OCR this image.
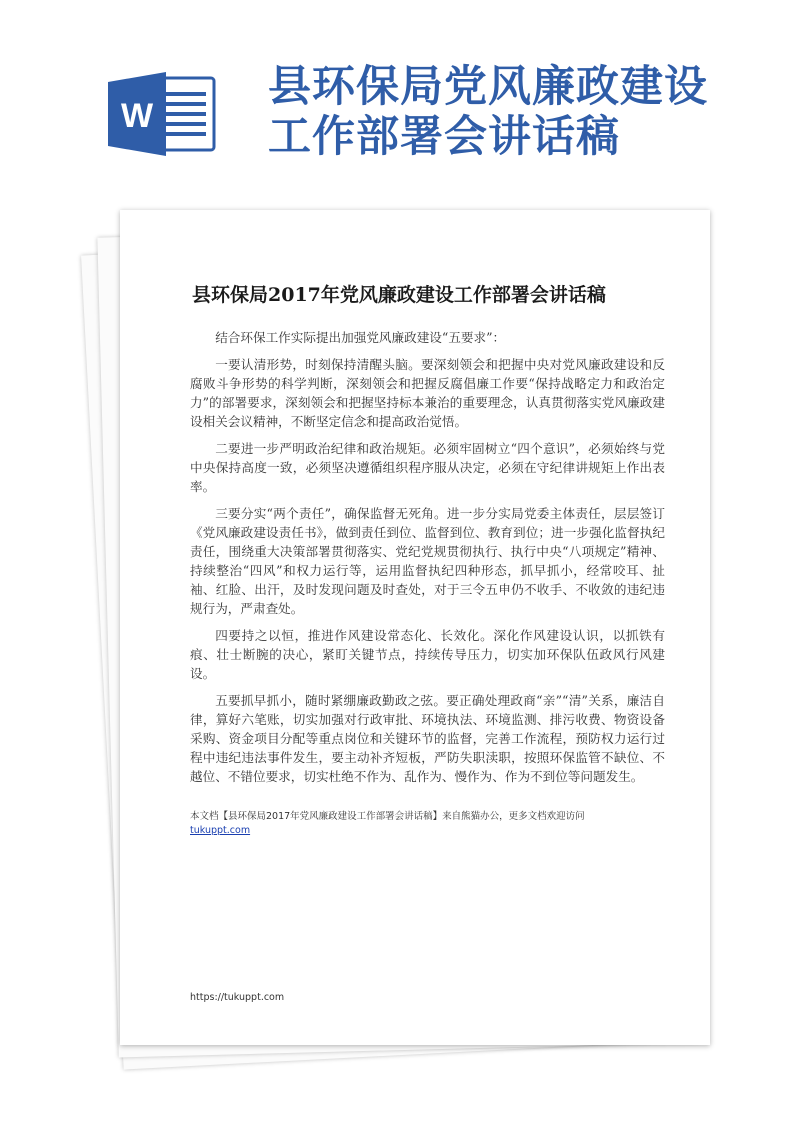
W
县环保局党风廉政建设
工作部署会讲话稿
县环保局2017年党风廉政建设工作部署会讲话稿

结合环保工作实际提出加强党风廉政建设“五要求”：

一要认清形势，时刻保持清醒头脑。要深刻领会和把握中央对党风廉政建设和反腐败斗争形势的科学判断，深刻领会和把握反腐倡廉工作要“保持战略定力和政治定力”的部署要求，深刻领会和把握坚持标本兼治的重要理念，认真贯彻落实党风廉政建设相关会议精神，不断坚定信念和提高政治觉悟。

二要进一步严明政治纪律和政治规矩。必须牢固树立“四个意识”，必须始终与党中央保持高度一致，必须坚决遵循组织程序服从决定，必须在守纪律讲规矩上作出表率。

三要分实“两个责任”，确保监督无死角。进一步分实局党委主体责任，层层签订《党风廉政建设责任书》，做到责任到位、监督到位、教育到位；进一步强化监督执纪责任，围绕重大决策部署贯彻落实、党纪党规贯彻执行、执行中央“八项规定”精神、持续整治“四风”和权力运行等，运用监督执纪四种形态，抓早抓小，经常咬耳、扯袖、红脸、出汗，及时发现问题及时查处，对于三令五申仍不收手、不收敛的违纪违规行为，严肃查处。

四要持之以恒，推进作风建设常态化、长效化。深化作风建设认识，以抓铁有痕、壮士断腕的决心，紧盯关键节点，持续传导压力，切实加环保队伍政风行风建设。

五要抓早抓小，随时紧绷廉政勤政之弦。要正确处理政商“亲”“清”关系，廉洁自律，算好六笔账，切实加强对行政审批、环境执法、环境监测、排污收费、物资设备采购、资金项目分配等重点岗位和关键环节的监督，完善工作流程，预防权力运行过程中违纪违法事件发生，要主动补齐短板，严防失职渎职，按照环保监管不缺位、不越位、不错位要求，切实杜绝不作为、乱作为、慢作为、作为不到位等问题发生。

本文档【县环保局2017年党风廉政建设工作部署会讲话稿】来自熊猫办公，更多文档欢迎访问
tukuppt.com
https://tukuppt.com
